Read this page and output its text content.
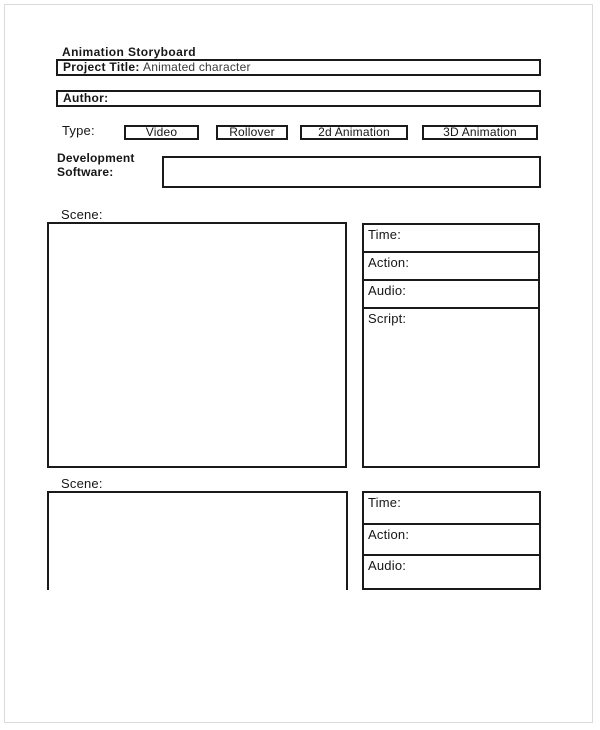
Animation Storyboard
Project Title: Animated character
Author:
Type:	Video	Rollover	2d Animation	3D Animation
Development
Software:
Scene:
Time:
Action:
Audio:
Script:
Scene:
Time:
Action:
Audio:
